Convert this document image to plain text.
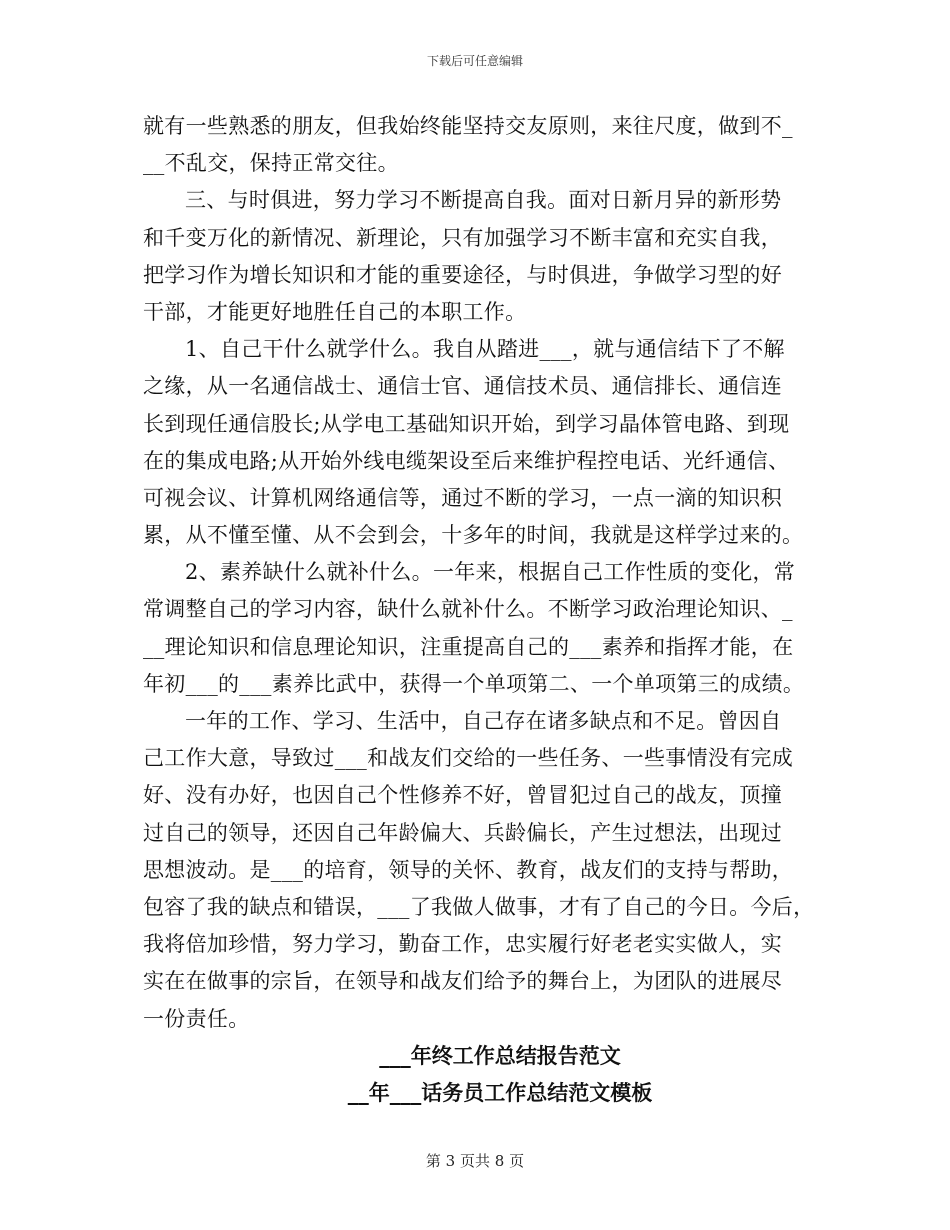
下载后可任意编辑
就有一些熟悉的朋友，但我始终能坚持交友原则，来往尺度，做到不_
__不乱交，保持正常交往。
三、与时俱进，努力学习不断提高自我。面对日新月异的新形势
和千变万化的新情况、新理论，只有加强学习不断丰富和充实自我，
把学习作为增长知识和才能的重要途径，与时俱进，争做学习型的好
干部，才能更好地胜任自己的本职工作。
1、自己干什么就学什么。我自从踏进___，就与通信结下了不解
之缘，从一名通信战士、通信士官、通信技术员、通信排长、通信连
长到现任通信股长;从学电工基础知识开始，到学习晶体管电路、到现
在的集成电路;从开始外线电缆架设至后来维护程控电话、光纤通信、
可视会议、计算机网络通信等，通过不断的学习，一点一滴的知识积
累，从不懂至懂、从不会到会，十多年的时间，我就是这样学过来的。
2、素养缺什么就补什么。一年来，根据自己工作性质的变化，常
常调整自己的学习内容，缺什么就补什么。不断学习政治理论知识、_
__理论知识和信息理论知识，注重提高自己的___素养和指挥才能，在
年初___的___素养比武中，获得一个单项第二、一个单项第三的成绩。
一年的工作、学习、生活中，自己存在诸多缺点和不足。曾因自
己工作大意，导致过___和战友们交给的一些任务、一些事情没有完成
好、没有办好，也因自己个性修养不好，曾冒犯过自己的战友，顶撞
过自己的领导，还因自己年龄偏大、兵龄偏长，产生过想法，出现过
思想波动。是___的培育，领导的关怀、教育，战友们的支持与帮助，
包容了我的缺点和错误，___了我做人做事，才有了自己的今日。今后，
我将倍加珍惜，努力学习，勤奋工作，忠实履行好老老实实做人，实
实在在做事的宗旨，在领导和战友们给予的舞台上，为团队的进展尽
一份责任。
___年终工作总结报告范文
__年___话务员工作总结范文模板
第 3 页共 8 页
